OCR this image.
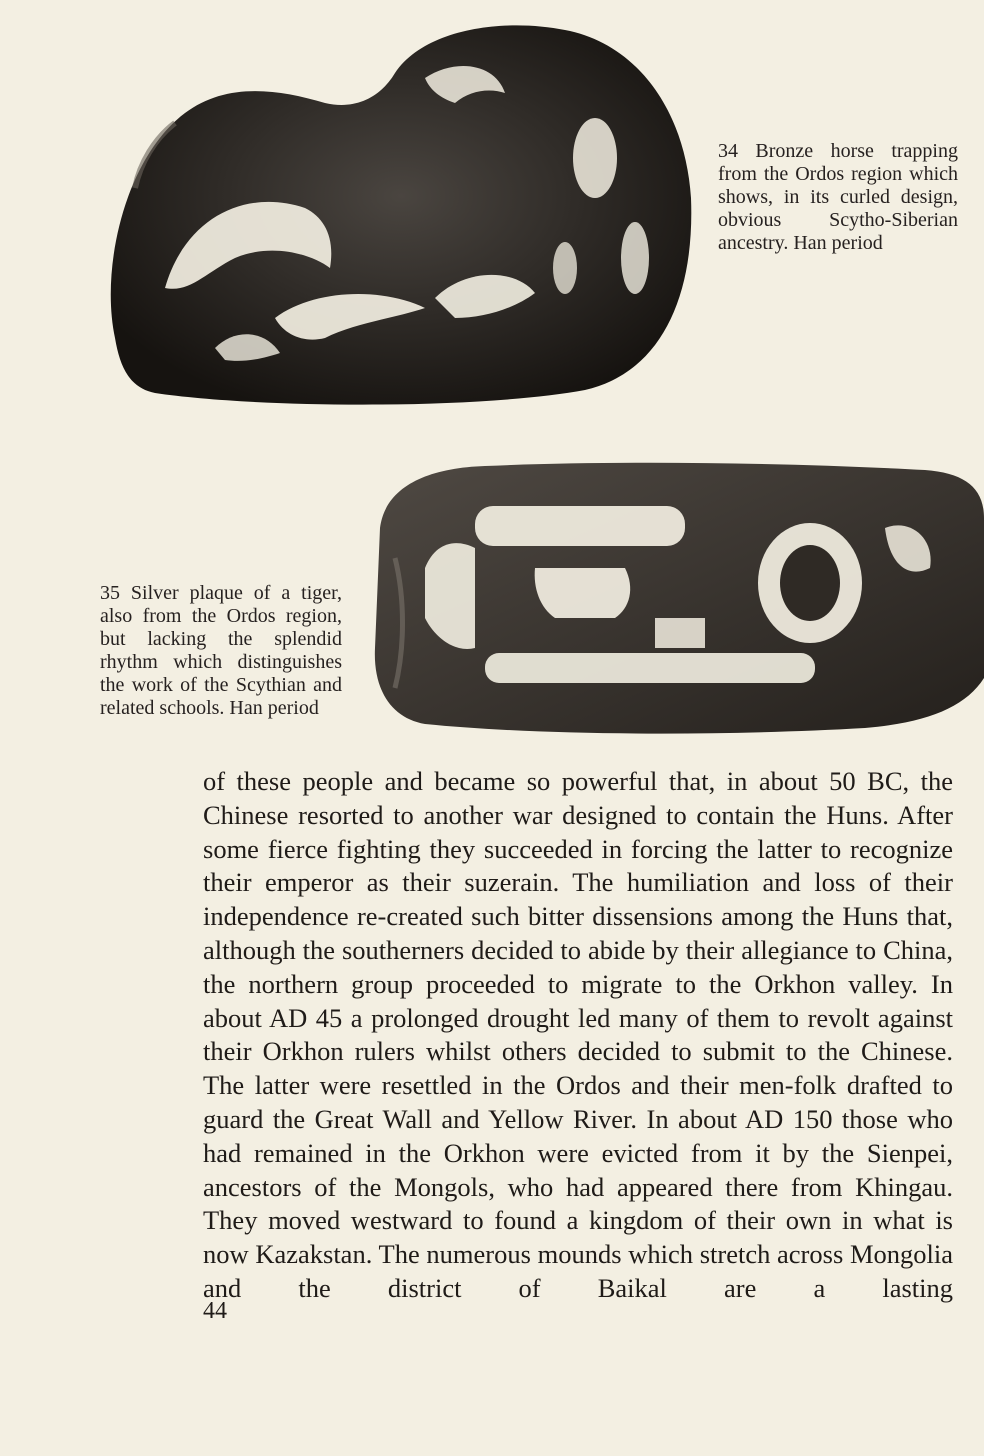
34 Bronze horse trapping from the Ordos region which shows, in its curled design, obvious Scytho-Siberian ancestry. Han period

35 Silver plaque of a tiger, also from the Ordos region, but lacking the splendid rhythm which distinguishes the work of the Scythian and related schools. Han period

of these people and became so powerful that, in about 50 BC, the Chinese resorted to another war designed to contain the Huns. After some fierce fighting they succeeded in forcing the latter to recognize their emperor as their suzerain. The humiliation and loss of their independence re-created such bitter dissensions among the Huns that, although the southerners decided to abide by their allegiance to China, the northern group proceeded to migrate to the Orkhon valley. In about AD 45 a prolonged drought led many of them to revolt against their Orkhon rulers whilst others decided to submit to the Chinese. The latter were resettled in the Ordos and their men-folk drafted to guard the Great Wall and Yellow River. In about AD 150 those who had remained in the Orkhon were evicted from it by the Sienpei, ancestors of the Mongols, who had appeared there from Khingau. They moved westward to found a kingdom of their own in what is now Kazakstan. The numerous mounds which stretch across Mongolia and the district of Baikal are a lasting
44
